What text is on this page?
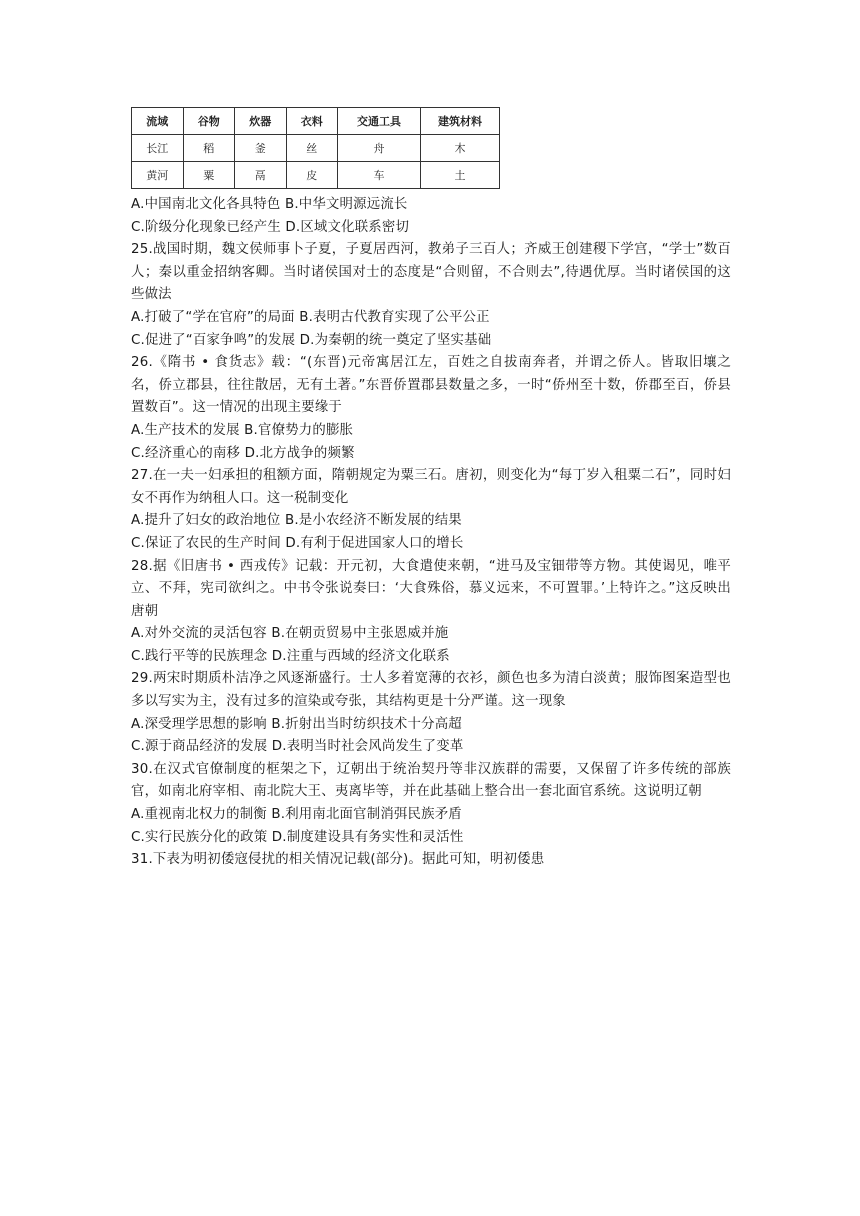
流域	谷物	炊器	衣料	交通工具	建筑材料
长江	稻	釜	丝	舟	木
黄河	粟	鬲	皮	车	土

A.中国南北文化各具特色 B.中华文明源远流长

C.阶级分化现象已经产生 D.区域文化联系密切

25.战国时期，魏文侯师事卜子夏，子夏居西河，教弟子三百人；齐威王创建稷下学宫，“学士”数百人；秦以重金招纳客卿。当时诸侯国对士的态度是“合则留，不合则去”,待遇优厚。当时诸侯国的这些做法

A.打破了“学在官府”的局面 B.表明古代教育实现了公平公正

C.促进了“百家争鸣”的发展 D.为秦朝的统一奠定了坚实基础

26.《隋书 • 食货志》载：“(东晋)元帝寓居江左，百姓之自拔南奔者，并谓之侨人。皆取旧壤之名，侨立郡县，往往散居，无有土著。”东晋侨置郡县数量之多，一时“侨州至十数，侨郡至百，侨县置数百”。这一情况的出现主要缘于

A.生产技术的发展 B.官僚势力的膨胀

C.经济重心的南移 D.北方战争的频繁

27.在一夫一妇承担的租额方面，隋朝规定为粟三石。唐初，则变化为“每丁岁入租粟二石”，同时妇女不再作为纳租人口。这一税制变化

A.提升了妇女的政治地位 B.是小农经济不断发展的结果

C.保证了农民的生产时间 D.有利于促进国家人口的增长

28.据《旧唐书 • 西戎传》记载：开元初，大食遣使来朝，“进马及宝钿带等方物。其使谒见，唯平立、不拜，宪司欲纠之。中书令张说奏曰：‘大食殊俗，慕义远来，不可置罪。’上特许之。”这反映出唐朝

A.对外交流的灵活包容 B.在朝贡贸易中主张恩威并施

C.践行平等的民族理念 D.注重与西域的经济文化联系

29.两宋时期质朴洁净之风逐渐盛行。士人多着宽薄的衣衫，颜色也多为清白淡黄；服饰图案造型也多以写实为主，没有过多的渲染或夸张，其结构更是十分严谨。这一现象

A.深受理学思想的影响 B.折射出当时纺织技术十分高超

C.源于商品经济的发展 D.表明当时社会风尚发生了变革

30.在汉式官僚制度的框架之下，辽朝出于统治契丹等非汉族群的需要，又保留了许多传统的部族官，如南北府宰相、南北院大王、夷离毕等，并在此基础上整合出一套北面官系统。这说明辽朝

A.重视南北权力的制衡 B.利用南北面官制消弭民族矛盾

C.实行民族分化的政策 D.制度建设具有务实性和灵活性

31.下表为明初倭寇侵扰的相关情况记载(部分)。据此可知，明初倭患
